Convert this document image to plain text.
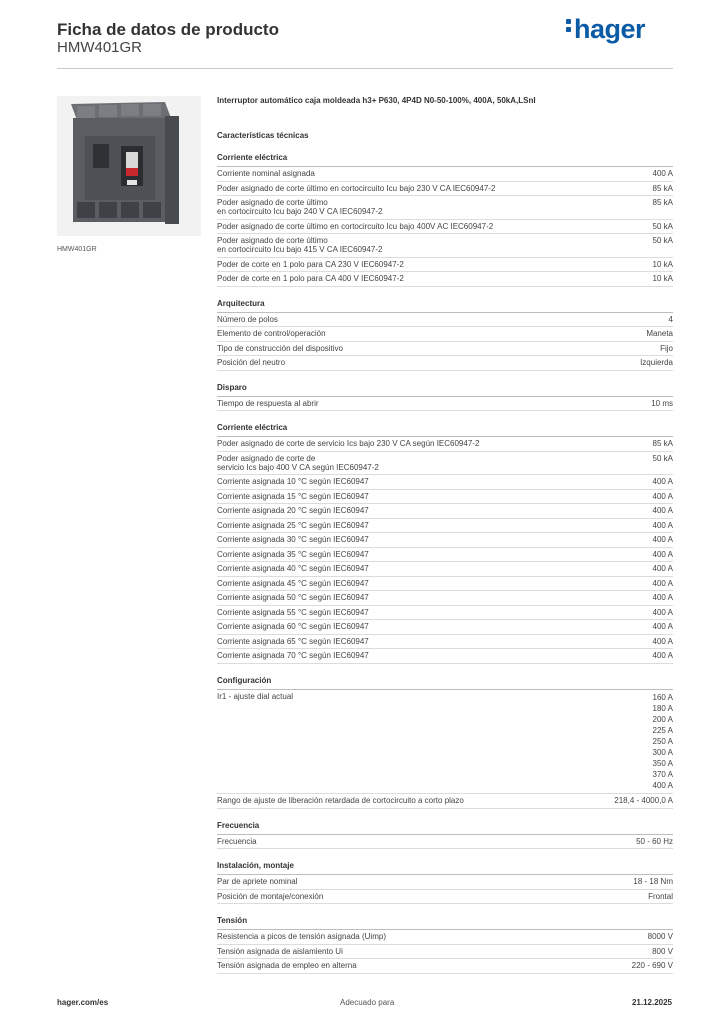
Ficha de datos de producto
HMW401GR
hager
HMW401GR
Interruptor automático caja moldeada h3+ P630, 4P4D N0-50-100%, 400A, 50kA,LSnI
Características técnicas
Corriente eléctrica
Corriente nominal asignada	400 A
Poder asignado de corte último en cortocircuito Icu bajo 230 V CA IEC60947-2	85 kA
Poder asignado de corte último
en cortocircuito Icu bajo 240 V CA IEC60947-2
85 kA
Poder asignado de corte último en cortocircuito Icu bajo 400V AC IEC60947-2	50 kA
Poder asignado de corte último
en cortocircuito Icu bajo 415 V CA IEC60947-2
50 kA
Poder de corte en 1 polo para CA 230 V IEC60947-2	10 kA
Poder de corte en 1 polo para CA 400 V IEC60947-2	10 kA
Arquitectura
Número de polos	4
Elemento de control/operación	Maneta
Tipo de construcción del dispositivo	Fijo
Posición del neutro	Izquierda
Disparo
Tiempo de respuesta al abrir	10 ms
Corriente eléctrica
Poder asignado de corte de servicio Ics bajo 230 V CA según IEC60947-2	85 kA
Poder asignado de corte de
servicio Ics bajo 400 V CA según IEC60947-2
50 kA
Corriente asignada 10 °C según IEC60947	400 A
Corriente asignada 15 °C según IEC60947	400 A
Corriente asignada 20 °C según IEC60947	400 A
Corriente asignada 25 °C según IEC60947	400 A
Corriente asignada 30 °C según IEC60947	400 A
Corriente asignada 35 °C según IEC60947	400 A
Corriente asignada 40 °C según IEC60947	400 A
Corriente asignada 45 °C según IEC60947	400 A
Corriente asignada 50 °C según IEC60947	400 A
Corriente asignada 55 °C según IEC60947	400 A
Corriente asignada 60 °C según IEC60947	400 A
Corriente asignada 65 °C según IEC60947	400 A
Corriente asignada 70 °C según IEC60947	400 A
Configuración
Ir1 - ajuste dial actual	160 A
180 A
200 A
225 A
250 A
300 A
350 A
370 A
400 A
Rango de ajuste de liberación retardada de cortocircuito a corto plazo	218,4 - 4000,0 A
Frecuencia
Frecuencia	50 - 60 Hz
Instalación, montaje
Par de apriete nominal	18 - 18 Nm
Posición de montaje/conexión	Frontal
Tensión
Resistencia a picos de tensión asignada (Uimp)	8000 V
Tensión asignada de aislamiento Ui	800 V
Tensión asignada de empleo en alterna	220 - 690 V
hager.com/es	Adecuado para	21.12.2025
